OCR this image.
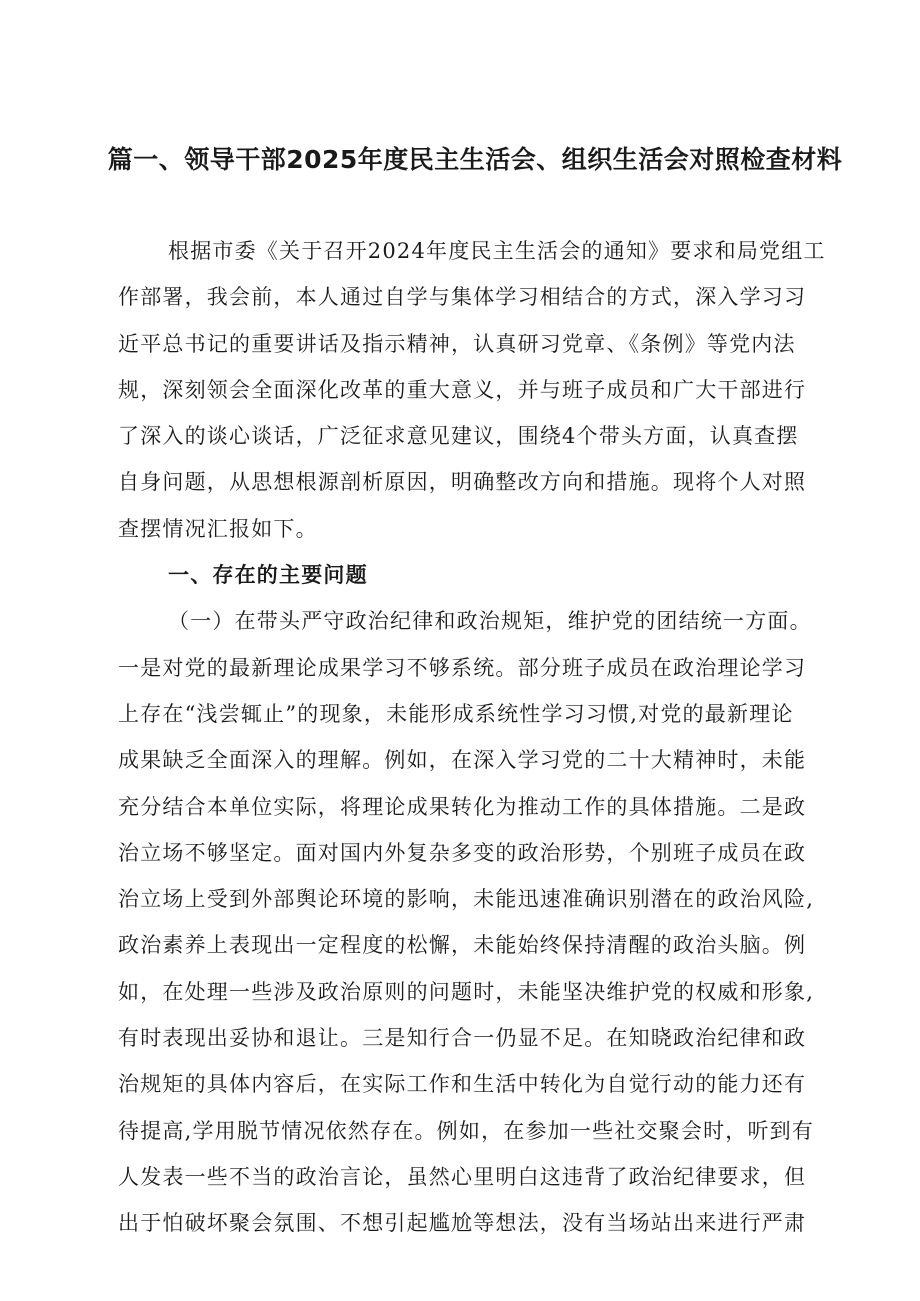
篇一、领导干部2025年度民主生活会、组织生活会对照检查材料
根据市委《关于召开2024年度民主生活会的通知》要求和局党组工
作部署，我会前，本人通过自学与集体学习相结合的方式，深入学习习
近平总书记的重要讲话及指示精神，认真研习党章、《条例》等党内法
规，深刻领会全面深化改革的重大意义，并与班子成员和广大干部进行
了深入的谈心谈话，广泛征求意见建议，围绕4个带头方面，认真查摆
自身问题，从思想根源剖析原因，明确整改方向和措施。现将个人对照
查摆情况汇报如下。
一、存在的主要问题
（一）在带头严守政治纪律和政治规矩，维护党的团结统一方面。
一是对党的最新理论成果学习不够系统。部分班子成员在政治理论学习
上存在“浅尝辄止”的现象，未能形成系统性学习习惯,对党的最新理论
成果缺乏全面深入的理解。例如，在深入学习党的二十大精神时，未能
充分结合本单位实际，将理论成果转化为推动工作的具体措施。二是政
治立场不够坚定。面对国内外复杂多变的政治形势，个别班子成员在政
治立场上受到外部舆论环境的影响，未能迅速准确识别潜在的政治风险,
政治素养上表现出一定程度的松懈，未能始终保持清醒的政治头脑。例
如，在处理一些涉及政治原则的问题时，未能坚决维护党的权威和形象,
有时表现出妥协和退让。三是知行合一仍显不足。在知晓政治纪律和政
治规矩的具体内容后，在实际工作和生活中转化为自觉行动的能力还有
待提高,学用脱节情况依然存在。例如，在参加一些社交聚会时，听到有
人发表一些不当的政治言论，虽然心里明白这违背了政治纪律要求，但
出于怕破坏聚会氛围、不想引起尴尬等想法，没有当场站出来进行严肃
